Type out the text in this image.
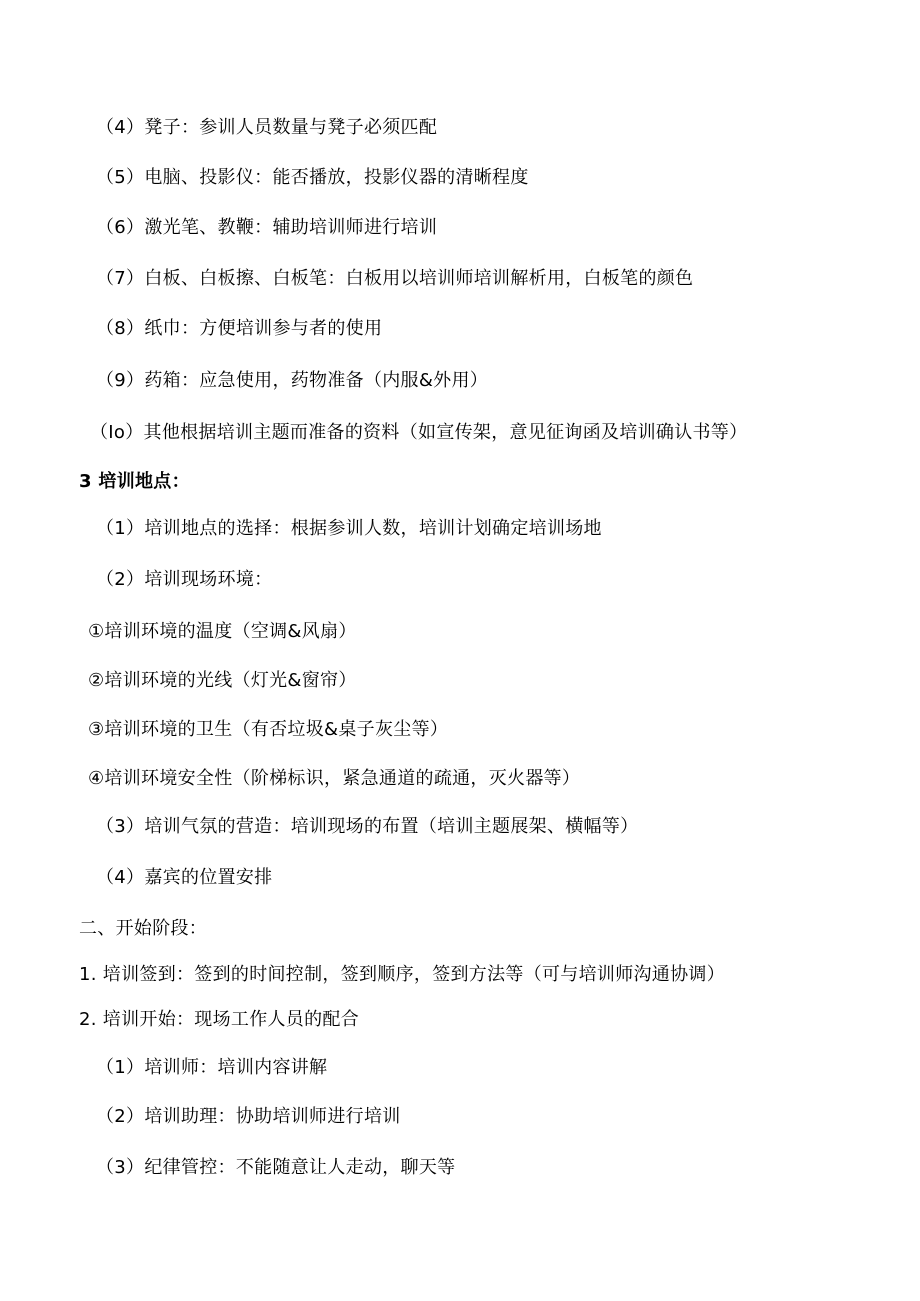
（4）凳子：参训人员数量与凳子必须匹配
（5）电脑、投影仪：能否播放，投影仪器的清晰程度
（6）激光笔、教鞭：辅助培训师进行培训
（7）白板、白板擦、白板笔：白板用以培训师培训解析用，白板笔的颜色
（8）纸巾：方便培训参与者的使用
（9）药箱：应急使用，药物准备（内服&外用）
（Io）其他根据培训主题而准备的资料（如宣传架，意见征询函及培训确认书等）
3 培训地点：
（1）培训地点的选择：根据参训人数，培训计划确定培训场地
（2）培训现场环境：
①培训环境的温度（空调&风扇）
②培训环境的光线（灯光&窗帘）
③培训环境的卫生（有否垃圾&桌子灰尘等）
④培训环境安全性（阶梯标识，紧急通道的疏通，灭火器等）
（3）培训气氛的营造：培训现场的布置（培训主题展架、横幅等）
（4）嘉宾的位置安排
二、开始阶段：
1. 培训签到：签到的时间控制，签到顺序，签到方法等（可与培训师沟通协调）
2. 培训开始：现场工作人员的配合
（1）培训师：培训内容讲解
（2）培训助理：协助培训师进行培训
（3）纪律管控：不能随意让人走动，聊天等
